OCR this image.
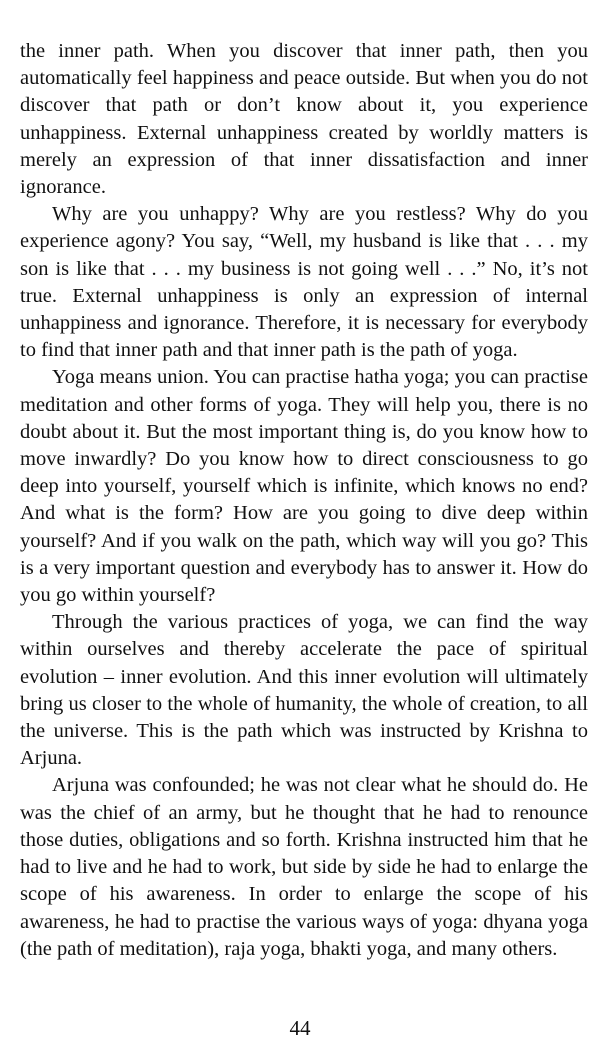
the inner path. When you discover that inner path, then you automatically feel happiness and peace outside. But when you do not discover that path or don’t know about it, you experience unhappiness. External unhappiness created by worldly matters is merely an expression of that inner dissatisfaction and inner ignorance.

Why are you unhappy? Why are you restless? Why do you experience agony? You say, “Well, my husband is like that . . . my son is like that . . . my business is not going well . . .” No, it’s not true. External unhappiness is only an expression of internal unhappiness and ignorance. Therefore, it is necessary for everybody to find that inner path and that inner path is the path of yoga.

Yoga means union. You can practise hatha yoga; you can practise meditation and other forms of yoga. They will help you, there is no doubt about it. But the most important thing is, do you know how to move inwardly? Do you know how to direct consciousness to go deep into yourself, yourself which is infinite, which knows no end? And what is the form? How are you going to dive deep within yourself? And if you walk on the path, which way will you go? This is a very important question and everybody has to answer it. How do you go within yourself?

Through the various practices of yoga, we can find the way within ourselves and thereby accelerate the pace of spiritual evolution – inner evolution. And this inner evolution will ultimately bring us closer to the whole of humanity, the whole of creation, to all the universe. This is the path which was instructed by Krishna to Arjuna.

Arjuna was confounded; he was not clear what he should do. He was the chief of an army, but he thought that he had to renounce those duties, obligations and so forth. Krishna instructed him that he had to live and he had to work, but side by side he had to enlarge the scope of his awareness. In order to enlarge the scope of his awareness, he had to practise the various ways of yoga: dhyana yoga (the path of meditation), raja yoga, bhakti yoga, and many others.

44
